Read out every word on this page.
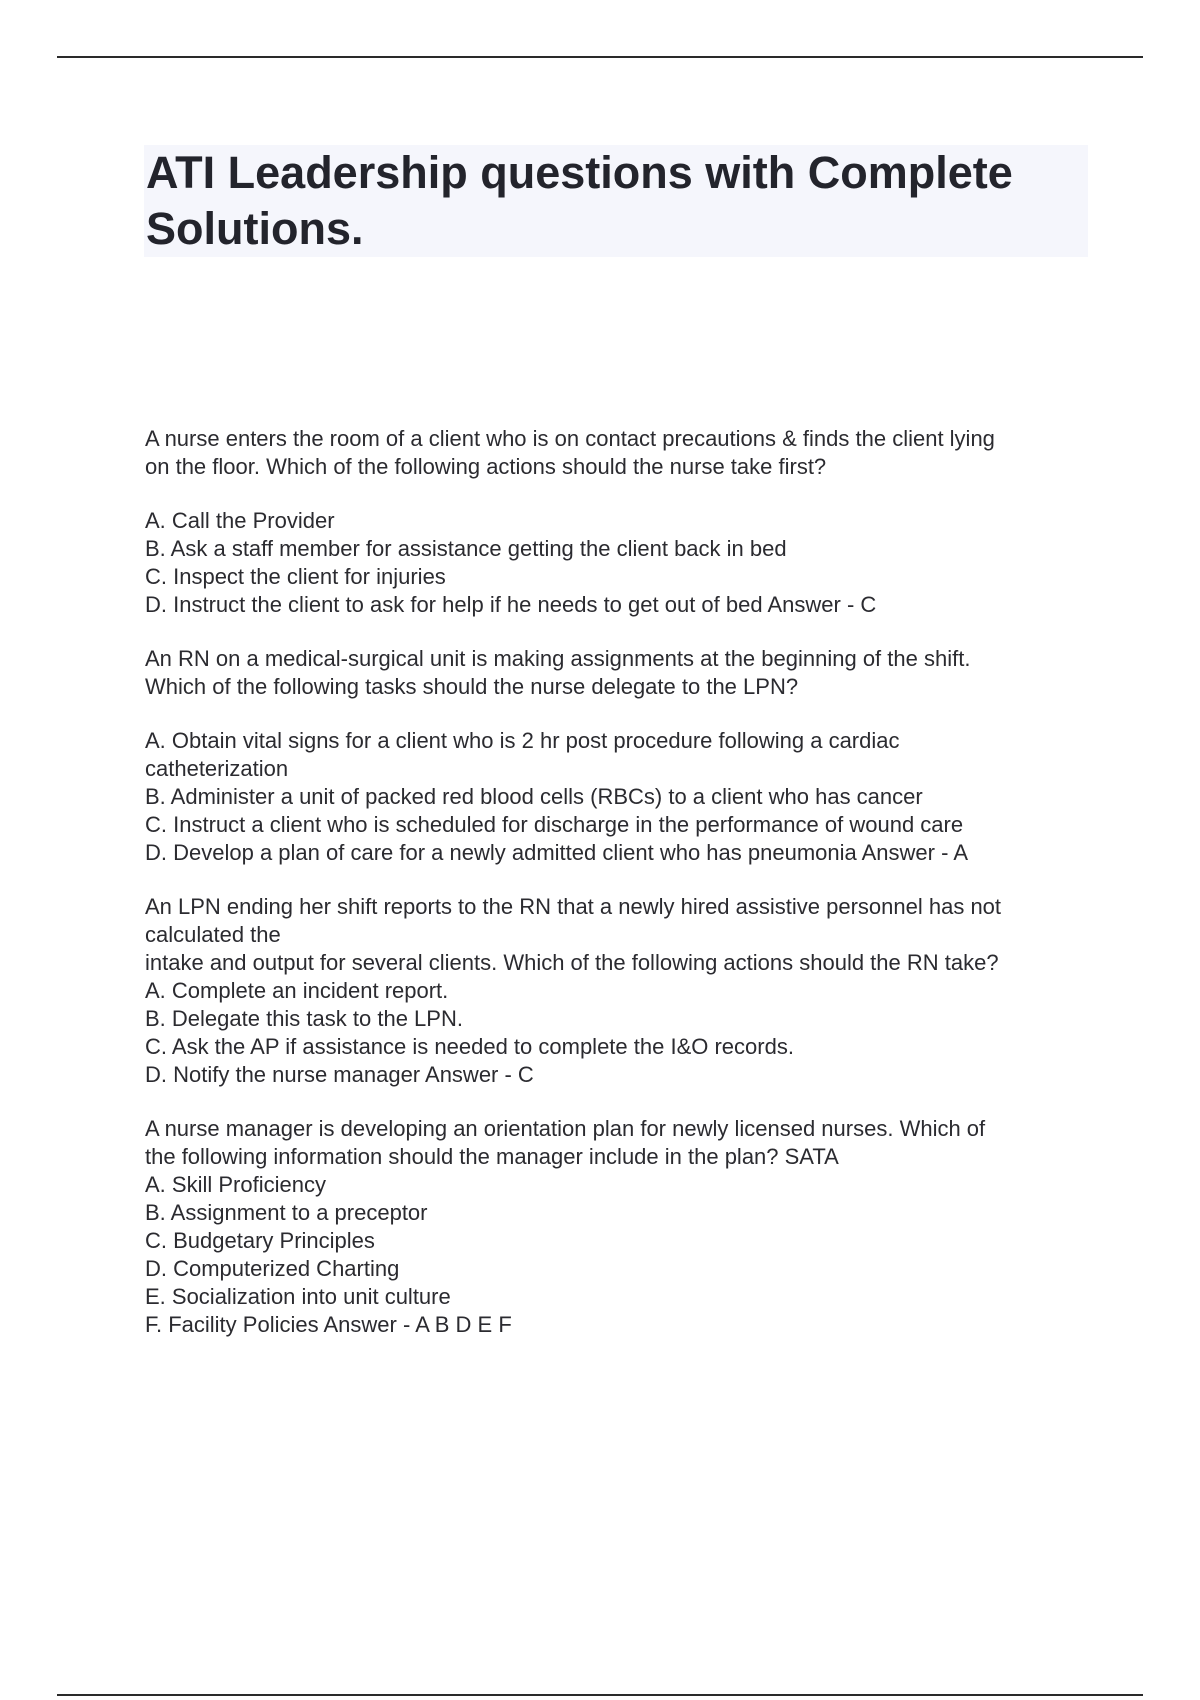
ATI Leadership questions with Complete Solutions.
A nurse enters the room of a client who is on contact precautions & finds the client lying
on the floor. Which of the following actions should the nurse take first?
A. Call the Provider
B. Ask a staff member for assistance getting the client back in bed
C. Inspect the client for injuries
D. Instruct the client to ask for help if he needs to get out of bed Answer - C
An RN on a medical-surgical unit is making assignments at the beginning of the shift.
Which of the following tasks should the nurse delegate to the LPN?
A. Obtain vital signs for a client who is 2 hr post procedure following a cardiac
catheterization
B. Administer a unit of packed red blood cells (RBCs) to a client who has cancer
C. Instruct a client who is scheduled for discharge in the performance of wound care
D. Develop a plan of care for a newly admitted client who has pneumonia Answer - A
An LPN ending her shift reports to the RN that a newly hired assistive personnel has not
calculated the
intake and output for several clients. Which of the following actions should the RN take?
A. Complete an incident report.
B. Delegate this task to the LPN.
C. Ask the AP if assistance is needed to complete the I&O records.
D. Notify the nurse manager Answer - C
A nurse manager is developing an orientation plan for newly licensed nurses. Which of
the following information should the manager include in the plan? SATA
A. Skill Proficiency
B. Assignment to a preceptor
C. Budgetary Principles
D. Computerized Charting
E. Socialization into unit culture
F. Facility Policies Answer - A B D E F
